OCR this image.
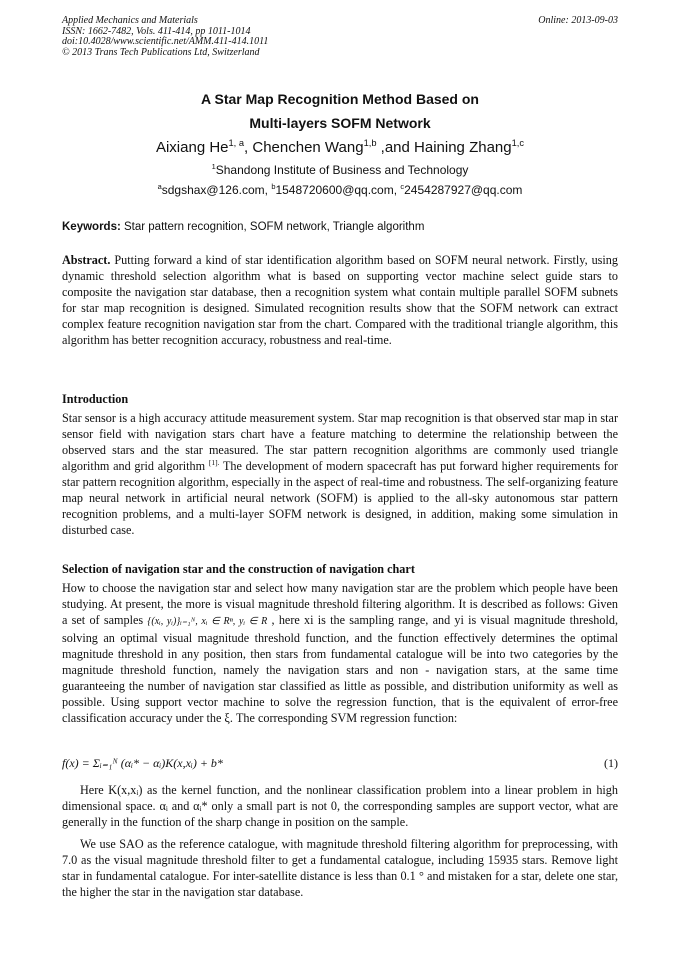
Applied Mechanics and Materials
ISSN: 1662-7482, Vols. 411-414, pp 1011-1014
doi:10.4028/www.scientific.net/AMM.411-414.1011
© 2013 Trans Tech Publications Ltd, Switzerland
Online: 2013-09-03
A Star Map Recognition Method Based on
Multi-layers SOFM Network
Aixiang He$^{1, a}$, Chenchen Wang$^{1,b}$ ,and Haining Zhang$^{1,c}$
$^1$Shandong Institute of Business and Technology
$^a$sdgshax@126.com, $^b$1548720600@qq.com, $^c$2454287927@qq.com
Keywords: Star pattern recognition, SOFM network, Triangle algorithm
Abstract. Putting forward a kind of star identification algorithm based on SOFM neural network. Firstly, using dynamic threshold selection algorithm what is based on supporting vector machine select guide stars to composite the navigation star database, then a recognition system what contain multiple parallel SOFM subnets for star map recognition is designed. Simulated recognition results show that the SOFM network can extract complex feature recognition navigation star from the chart. Compared with the traditional triangle algorithm, this algorithm has better recognition accuracy, robustness and real-time.
Introduction
Star sensor is a high accuracy attitude measurement system. Star map recognition is that observed star map in star sensor field with navigation stars chart have a feature matching to determine the relationship between the observed stars and the star measured. The star pattern recognition algorithms are commonly used triangle algorithm and grid algorithm $^{[1].}$ The development of modern spacecraft has put forward higher requirements for star pattern recognition algorithm, especially in the aspect of real-time and robustness. The self-organizing feature map neural network in artificial neural network (SOFM) is applied to the all-sky autonomous star pattern recognition problems, and a multi-layer SOFM network is designed, in addition, making some simulation in disturbed case.
Selection of navigation star and the construction of navigation chart
How to choose the navigation star and select how many navigation star are the problem which people have been studying. At present, the more is visual magnitude threshold filtering algorithm. It is described as follows: Given a set of samples {(xᵢ, yᵢ)}ᵢ₌₁ᴺ, xᵢ ∈ Rⁿ, yᵢ ∈ R , here xi is the sampling range, and yi is visual magnitude threshold, solving an optimal visual magnitude threshold function, and the function effectively determines the optimal magnitude threshold in any position, then stars from fundamental catalogue will be into two categories by the magnitude threshold function, namely the navigation stars and non - navigation stars, at the same time guaranteeing the number of navigation star classified as little as possible, and distribution uniformity as well as possible. Using support vector machine to solve the regression function, that is the equivalent of error-free classification accuracy under the ξ. The corresponding SVM regression function:
f(x) = Σᵢ₌₁ᴺ (αᵢ* − αᵢ)K(x,xᵢ) + b*	(1)
Here K(x,xᵢ) as the kernel function, and the nonlinear classification problem into a linear problem in high dimensional space. αᵢ and αᵢ* only a small part is not 0, the corresponding samples are support vector, what are generally in the function of the sharp change in position on the sample.
We use SAO as the reference catalogue, with magnitude threshold filtering algorithm for preprocessing, with 7.0 as the visual magnitude threshold filter to get a fundamental catalogue, including 15935 stars. Remove light star in fundamental catalogue. For inter-satellite distance is less than 0.1 ° and mistaken for a star, delete one star, the higher the star in the navigation star database.
